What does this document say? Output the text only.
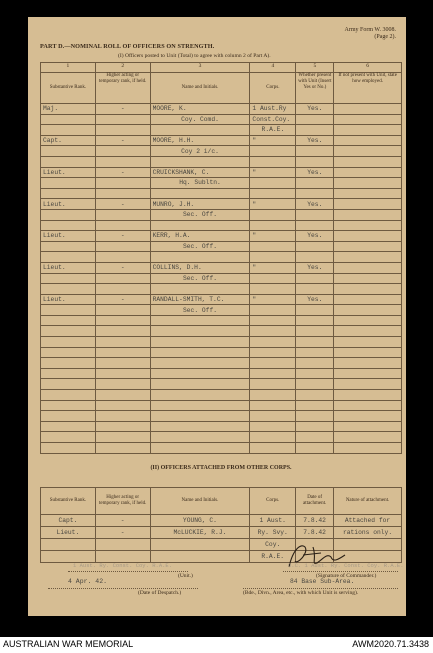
Army Form W. 3008.
(Page 2).
PART D.—NOMINAL ROLL OF OFFICERS ON STRENGTH.
(I) Officers posted to Unit (Total) to agree with column 2 of Part A).
1	2	3	4	5	6
Substantive Rank.	Higher acting or temporary rank, if held.	Name and Initials.	Corps.	Whether present with Unit (Insert Yes or No.)	If not present with Unit, state how employed.
Maj.	-	MOORE, K.	1 Aust.Ry	Yes.	
		Coy. Comd.	Const.Coy.		
			R.A.E.		
Capt.	-	MOORE, H.H.	"	Yes.	
		Coy 2 i/c.			

Lieut.	-	CRUICKSHANK, C.	"	Yes.	
		Hq. Subltn.			

Lieut.	-	MUNRO, J.H.	"	Yes.	
		Sec. Off.			

Lieut.	-	KERR, H.A.	"	Yes.	
		Sec. Off.			

Lieut.	-	COLLINS, D.H.	"	Yes.	
		Sec. Off.			

Lieut.	-	RANDALL-SMITH, T.C.	"	Yes.	
		Sec. Off.			

(II) OFFICERS ATTACHED FROM OTHER CORPS.
Substantive Rank.	Higher acting or temporary rank, if held.	Name and Initials.	Corps.	Date of attachment.	Nature of attachment.
Capt.	-	YOUNG, C.	1 Aust.	7.8.42	Attached for
Lieut.	-	McLUCKIE, R.J.	Ry. Svy.	7.8.42	rations only.
			Coy.		
			R.A.E.		
1 Aust. Ry. Const. Coy. R.A.E.
(Unit.)
4 Apr. 42.
(Date of Despatch.)
O.C. 1 Aust. Ry. Const. Coy. R.A.E.
(Signature of Commander.)
84 Base Sub-Area.
(Bde., Divn., Area, etc., with which Unit is serving).
AUSTRALIAN WAR MEMORIAL	AWM2020.71.3438
